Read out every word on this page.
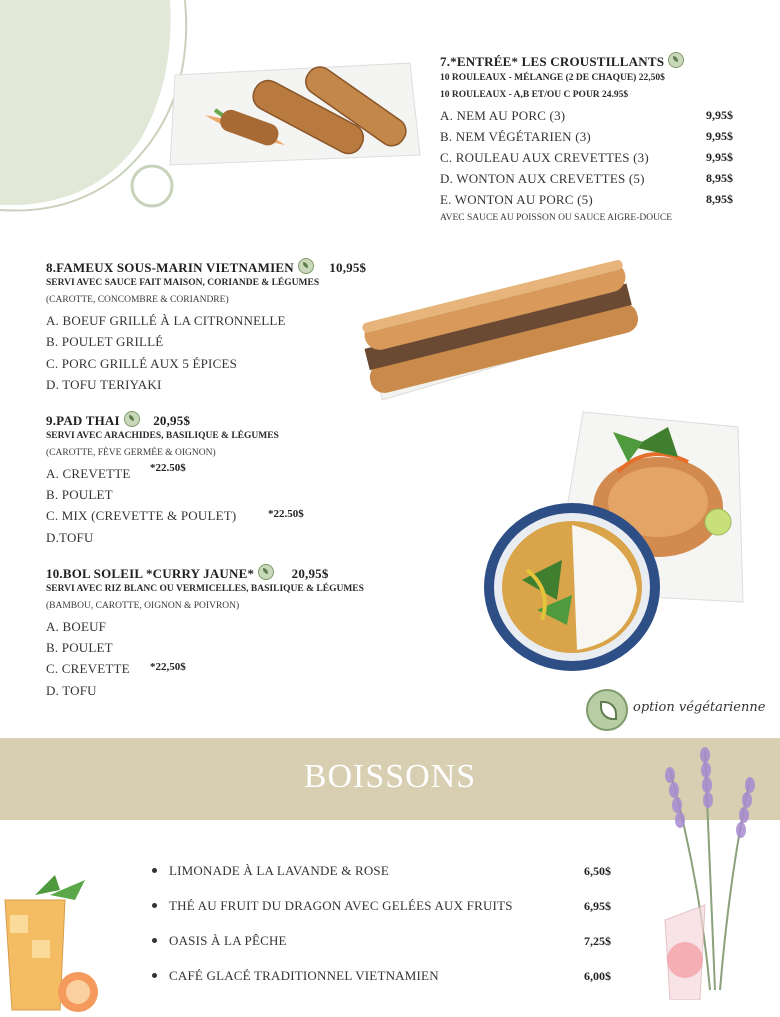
7.*ENTRÉE* LES CROUSTILLANTS
10 ROULEAUX - MÉLANGE (2 DE CHAQUE) 22,50$
10 ROULEAUX - A,B ET/OU C POUR 24.95$
A. NEM AU PORC (3)	9,95$
B. NEM VÉGÉTARIEN (3)	9,95$
C. ROULEAU AUX CREVETTES (3)	9,95$
D. WONTON AUX CREVETTES (5)	8,95$
E. WONTON AU PORC (5)	8,95$
AVEC SAUCE AU POISSON OU SAUCE AIGRE-DOUCE
8.FAMEUX SOUS-MARIN VIETNAMIEN	10,95$
SERVI AVEC SAUCE FAIT MAISON, CORIANDE & LÉGUMES
(CAROTTE, CONCOMBRE & CORIANDRE)
A. BOEUF GRILLÉ À LA CITRONNELLE
B. POULET GRILLÉ
C. PORC GRILLÉ AUX 5 ÉPICES
D. TOFU TERIYAKI
9.PAD THAI	20,95$
SERVI AVEC ARACHIDES, BASILIQUE & LÉGUMES
(CAROTTE, FÈVE GERMÉE & OIGNON)
A. CREVETTE *22.50$
B. POULET
C. MIX (CREVETTE & POULET)	*22.50$
D.TOFU
10.BOL SOLEIL *CURRY JAUNE*	20,95$
SERVI AVEC RIZ BLANC OU VERMICELLES, BASILIQUE & LÉGUMES
(BAMBOU, CAROTTE, OIGNON & POIVRON)
A. BOEUF
B. POULET
C. CREVETTE *22,50$
D. TOFU
option végétarienne
BOISSONS
LIMONADE À LA LAVANDE & ROSE	6,50$
THÉ AU FRUIT DU DRAGON AVEC GELÉES AUX FRUITS	6,95$
OASIS À LA PÊCHE	7,25$
CAFÉ GLACÉ TRADITIONNEL VIETNAMIEN	6,00$
